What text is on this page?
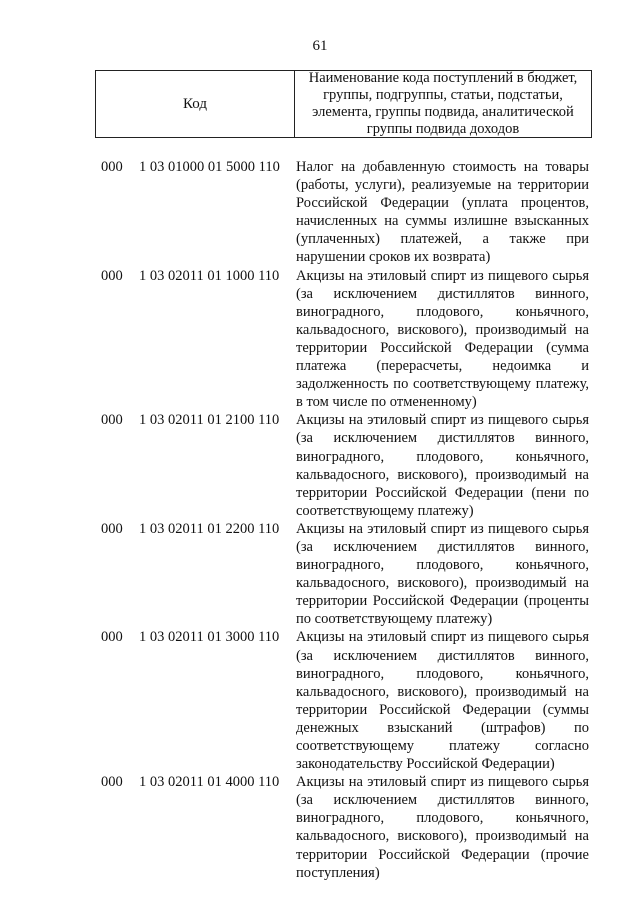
61
Код
Наименование кода поступлений в бюджет,
группы, подгруппы, статьи, подстатьи,
элемента, группы подвида, аналитической
группы подвида доходов
000 1 03 01000 01 5000 110 Налог на добавленную стоимость на товары (работы, услуги), реализуемые на территории Российской Федерации (уплата процентов, начисленных на суммы излишне взысканных (уплаченных) платежей, а также при нарушении сроков их возврата)
000 1 03 02011 01 1000 110 Акцизы на этиловый спирт из пищевого сырья (за исключением дистиллятов винного, виноградного, плодового, коньячного, кальвадосного, вискового), производимый на территории Российской Федерации (сумма платежа (перерасчеты, недоимка и задолженность по соответствующему платежу, в том числе по отмененному)
000 1 03 02011 01 2100 110 Акцизы на этиловый спирт из пищевого сырья (за исключением дистиллятов винного, виноградного, плодового, коньячного, кальвадосного, вискового), производимый на территории Российской Федерации (пени по соответствующему платежу)
000 1 03 02011 01 2200 110 Акцизы на этиловый спирт из пищевого сырья (за исключением дистиллятов винного, виноградного, плодового, коньячного, кальвадосного, вискового), производимый на территории Российской Федерации (проценты по соответствующему платежу)
000 1 03 02011 01 3000 110 Акцизы на этиловый спирт из пищевого сырья (за исключением дистиллятов винного, виноградного, плодового, коньячного, кальвадосного, вискового), производимый на территории Российской Федерации (суммы денежных взысканий (штрафов) по соответствующему платежу согласно законодательству Российской Федерации)
000 1 03 02011 01 4000 110 Акцизы на этиловый спирт из пищевого сырья (за исключением дистиллятов винного, виноградного, плодового, коньячного, кальвадосного, вискового), производимый на территории Российской Федерации (прочие поступления)
